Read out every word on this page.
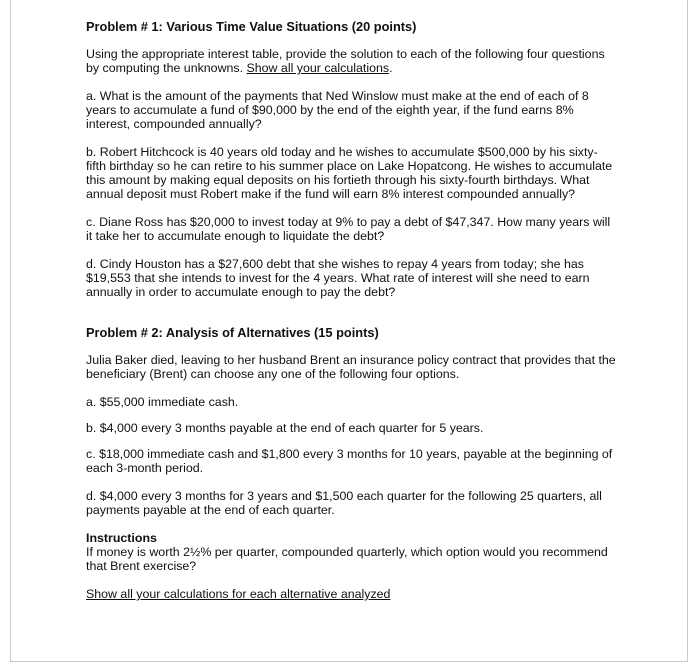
Problem # 1: Various Time Value Situations (20 points)

Using the appropriate interest table, provide the solution to each of the following four questions by computing the unknowns. Show all your calculations.

a. What is the amount of the payments that Ned Winslow must make at the end of each of 8 years to accumulate a fund of $90,000 by the end of the eighth year, if the fund earns 8% interest, compounded annually?

b. Robert Hitchcock is 40 years old today and he wishes to accumulate $500,000 by his sixty-fifth birthday so he can retire to his summer place on Lake Hopatcong. He wishes to accumulate this amount by making equal deposits on his fortieth through his sixty-fourth birthdays. What annual deposit must Robert make if the fund will earn 8% interest compounded annually?

c. Diane Ross has $20,000 to invest today at 9% to pay a debt of $47,347. How many years will it take her to accumulate enough to liquidate the debt?

d. Cindy Houston has a $27,600 debt that she wishes to repay 4 years from today; she has $19,553 that she intends to invest for the 4 years. What rate of interest will she need to earn annually in order to accumulate enough to pay the debt?

Problem # 2: Analysis of Alternatives (15 points)

Julia Baker died, leaving to her husband Brent an insurance policy contract that provides that the beneficiary (Brent) can choose any one of the following four options.

a. $55,000 immediate cash.

b. $4,000 every 3 months payable at the end of each quarter for 5 years.

c. $18,000 immediate cash and $1,800 every 3 months for 10 years, payable at the beginning of each 3-month period.

d. $4,000 every 3 months for 3 years and $1,500 each quarter for the following 25 quarters, all payments payable at the end of each quarter.

Instructions
If money is worth 2½% per quarter, compounded quarterly, which option would you recommend that Brent exercise?

Show all your calculations for each alternative analyzed
